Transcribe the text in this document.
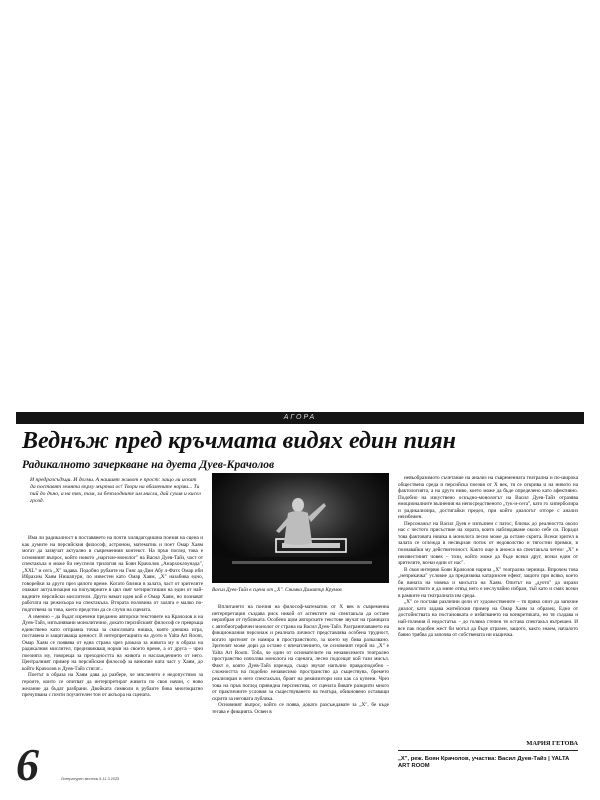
АГОРА
Веднъж пред кръчмата видях един пиян
Радикалното зачеркване на дуета Дуев-Крачолов

И предразсъдъци. И догми. А нашият живот е прост: защо ли искат да поставят земята върху мъртва ос! Твори на вбамените норми... Ти пий до дъно, а на тях, там, за безплодните им мисли, дай сухия и кисел грозд.

Има ли радикалност в поставянето на почти хилядагодишна поезия на сцена и как думите на персийския философ, астроном, математик и поет Омар Хаям могат да зазвучат актуално в съвременния контекст. На пръв поглед това е основният въпрос, който новото „наргиле-монолог" на Васил Дуев-Тайз, част от спектакъла и може би неуспели трилогия на Боян Крачолов „Анархоклоунада", „XXL" и сега „Х" задава. Подобно рубаите на Гияс ад-Дин Абу л-Фатх Омар ибн Ибрахим Хаям Нишапури, по известен като Омар Хаям, „Х" назабива едно, говорейки за друго през цялото време. Когато близки в залата, част от зрителите очакват актуализация на популярните в цял свят четиристишия на един от най-видните персийски мислители. Други нямат идея кой е Омар Хаям, но познават работата на режисьора на спектакъла. Втората половина от залата е малко по-подготвена за това, което предстои да се случи на сцената.

А именно – да бъдат изречени преданно авторски текстовете на Крачолов и на Дуев-Тайз, изпълнявани монолитично, докато персийският философ се превръща единствено като отправна точка за смисловата нишка, която днешна игра, поставена и защитаваща ценност. В интерпретацията на дуото в Yalta Art Room, Омар Хаям се появява от една страна чрез разказа за живота му в образа на радикалния мислител, предизвикващ норми на своето време, а от друга – чрез поезията му, говореща за преходността на живота и наслаждението от него. Централният пример на персийския философ за винопие ната част у Хаям, до който Крачолов и Дуев-Тайз стигат...

Поетът в образа на Хаям дава да разбере, че мисленето е недопустимо за героите, които се опитват да интерпретират живота по своя начин, с ново желание да бъдат разбрани. Двойката символи в рубаите бива многократно пречупвана с почти поучителен тон от актьора на сцената.

Васил Дуев-Тайз в сцена от „Х". Снимка Димитър Крумов

Вплитането на поезия на философ-математик от X век в съвременна интерпретация създава риск никой от аспектите на спектакъла да остане неразбран от публиката. Особено щом авторските текстове звучат на границата с автобиографичен монолог от страна на Васил Дуев-Тайз. Разграничаването на фикционалния персонаж и реалната личност представлява особена трудност, когато зрителят се намира в пространството, за което му бива разказвано. Зрителят може дори да остане с впечатлението, че основният герой на „Х" е Yalta Art Room. Тоба, че един от основателите на независимото театрално пространство използва монолога на сцената, лесно подсещат кой тази мисъл. Факт е, която Дуев-Тайз изрежда, също звучат напълно правдоподобно – сложността на подобно независимо пространство да съществува, бремето реализиран в него спектакъли, броят на реквизитори или как са купени. Чрез това на пръв поглед привидна перспектива, от сцената бивате разкрити много от практичните условия за съществуването на театъра, обикновено оставащи скрити за неговата публика.

Основният въпрос, който се поява, докато разсъждавате за „Х", бе къде тегава е фикцията. Освен в

невъобразимото съчетание на анализ на съвременната театрална и по-широка обществена среда и персийска поезия от X век, тя се открива и на нивото на фактологията, а на друго ниво, което може да бъде определено като афективно. Подобно на изкуствено оскъдно-монологът на Васил Дуев-Тайз отразява емоционалните вълнения на непосредственото „тук-и-сега", като го хиперболира и радикализира, достигайки предел, при който диалогът отгоре с анализ неизбежен.

Персонажът на Васил Дуев е изпълнен с патос, близък до реалността около нас с честото присъствие на хората, които наблюдаваме около себе си. Поради това фактовата нишка в монолога лесно може да остане скрита. Всеки зрител в залата се оглежда в несвързан поток от недоволство и тягостни примки, в познавайки му действителност. Както още в анонса на спектакъла четем: „Х" е неизвестният човек – този, който може да бъде всеки друг, всеки един от зрителите, всеки един от нас".

В своя интервю Боян Крачолов нарича „Х" театрална черница. Впрочем това „неприкачка" условие да предизвика катарзисен ефект, защото при всяко, което би вината на човека и мисълта на Хаям. Опитът на „дуото" да изрази недоволството и да мине отвъд него е неслучайно избран, тъй като и смях всеки в рамките на театралната им среда.

„Х" се поставя различни цели от художествените – тя пряко опит да започне диалог, като задава житейския пример на Омар Хаям за образец. Едно от достойнствата на постановката е избягването на конкретиката, но тя създава и най-големия й недостатък – до голяма степен тя остава спектакъл вътрешен. И все пак подобен жест би могъл да бъде отразен, защото, както знаем, началото бавно трябва да започва от собствената ни къщичка.

МАРИЯ ГЕТОВА

„Х", реж. Боян Крачолов, участва: Васил Дуев-Тайз | YALTA ART ROOM

6	Литературен вестник 5-11.3.2025
